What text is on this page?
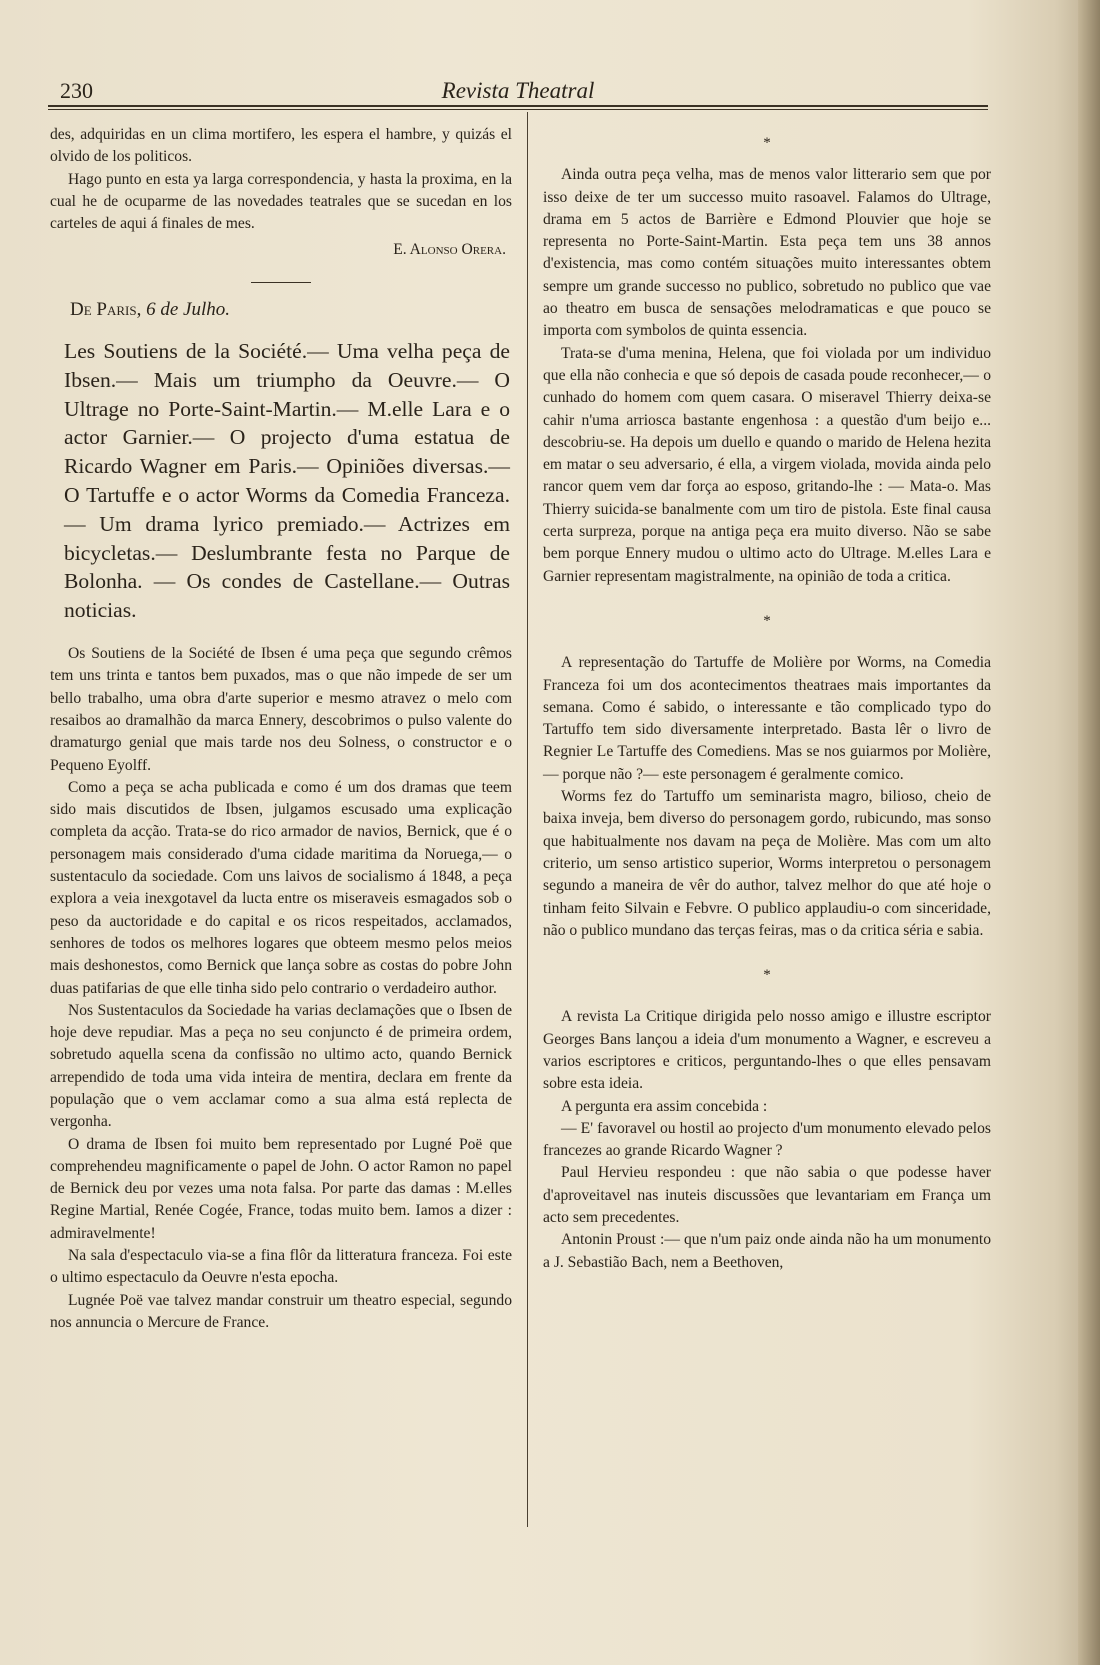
230	Revista Theatral

des, adquiridas en un clima mortifero, les espera el hambre, y quizás el olvido de los politicos.

Hago punto en esta ya larga correspondencia, y hasta la proxima, en la cual he de ocuparme de las novedades teatrales que se sucedan en los carteles de aqui á finales de mes.

E. Alonso Orera.
De Paris, 6 de Julho.
Les Soutiens de la Société.— Uma velha peça de Ibsen.— Mais um triumpho da Oeuvre.— O Ultrage no Porte-Saint-Martin.— M.elle Lara e o actor Garnier.— O projecto d'uma estatua de Ricardo Wagner em Paris.— Opiniões diversas.— O Tartuffe e o actor Worms da Comedia Franceza.— Um drama lyrico premiado.— Actrizes em bicycletas.— Deslumbrante festa no Parque de Bolonha. — Os condes de Castellane.— Outras noticias.

Os Soutiens de la Société de Ibsen é uma peça que segundo crêmos tem uns trinta e tantos bem puxados, mas o que não impede de ser um bello trabalho, uma obra d'arte superior e mesmo atravez o melo com resaibos ao dramalhão da marca Ennery, descobrimos o pulso valente do dramaturgo genial que mais tarde nos deu Solness, o constructor e o Pequeno Eyolff.

Como a peça se acha publicada e como é um dos dramas que teem sido mais discutidos de Ibsen, julgamos escusado uma explicação completa da acção. Trata-se do rico armador de navios, Bernick, que é o personagem mais considerado d'uma cidade maritima da Noruega,— o sustentaculo da sociedade. Com uns laivos de socialismo á 1848, a peça explora a veia inexgotavel da lucta entre os miseraveis esmagados sob o peso da auctoridade e do capital e os ricos respeitados, acclamados, senhores de todos os melhores logares que obteem mesmo pelos meios mais deshonestos, como Bernick que lança sobre as costas do pobre John duas patifarias de que elle tinha sido pelo contrario o verdadeiro author.

Nos Sustentaculos da Sociedade ha varias declamações que o Ibsen de hoje deve repudiar. Mas a peça no seu conjuncto é de primeira ordem, sobretudo aquella scena da confissão no ultimo acto, quando Bernick arrependido de toda uma vida inteira de mentira, declara em frente da população que o vem acclamar como a sua alma está replecta de vergonha.

O drama de Ibsen foi muito bem representado por Lugné Poë que comprehendeu magnificamente o papel de John. O actor Ramon no papel de Bernick deu por vezes uma nota falsa. Por parte das damas : M.elles Regine Martial, Renée Cogée, France, todas muito bem. Iamos a dizer : admiravelmente!

Na sala d'espectaculo via-se a fina flôr da litteratura franceza. Foi este o ultimo espectaculo da Oeuvre n'esta epocha.

Lugnée Poë vae talvez mandar construir um theatro especial, segundo nos annuncia o Mercure de France.

*

Ainda outra peça velha, mas de menos valor litterario sem que por isso deixe de ter um successo muito rasoavel. Falamos do Ultrage, drama em 5 actos de Barrière e Edmond Plouvier que hoje se representa no Porte-Saint-Martin. Esta peça tem uns 38 annos d'existencia, mas como contém situações muito interessantes obtem sempre um grande successo no publico, sobretudo no publico que vae ao theatro em busca de sensações melodramaticas e que pouco se importa com symbolos de quinta essencia.

Trata-se d'uma menina, Helena, que foi violada por um individuo que ella não conhecia e que só depois de casada poude reconhecer,— o cunhado do homem com quem casara. O miseravel Thierry deixa-se cahir n'uma arriosca bastante engenhosa : a questão d'um beijo e... descobriu-se. Ha depois um duello e quando o marido de Helena hezita em matar o seu adversario, é ella, a virgem violada, movida ainda pelo rancor quem vem dar força ao esposo, gritando-lhe : — Mata-o. Mas Thierry suicida-se banalmente com um tiro de pistola. Este final causa certa surpreza, porque na antiga peça era muito diverso. Não se sabe bem porque Ennery mudou o ultimo acto do Ultrage. M.elles Lara e Garnier representam magistralmente, na opinião de toda a critica.

*

A representação do Tartuffe de Molière por Worms, na Comedia Franceza foi um dos acontecimentos theatraes mais importantes da semana. Como é sabido, o interessante e tão complicado typo do Tartuffo tem sido diversamente interpretado. Basta lêr o livro de Regnier Le Tartuffe des Comediens. Mas se nos guiarmos por Molière,— porque não ?— este personagem é geralmente comico.

Worms fez do Tartuffo um seminarista magro, bilioso, cheio de baixa inveja, bem diverso do personagem gordo, rubicundo, mas sonso que habitualmente nos davam na peça de Molière. Mas com um alto criterio, um senso artistico superior, Worms interpretou o personagem segundo a maneira de vêr do author, talvez melhor do que até hoje o tinham feito Silvain e Febvre. O publico applaudiu-o com sinceridade, não o publico mundano das terças feiras, mas o da critica séria e sabia.

*

A revista La Critique dirigida pelo nosso amigo e illustre escriptor Georges Bans lançou a ideia d'um monumento a Wagner, e escreveu a varios escriptores e criticos, perguntando-lhes o que elles pensavam sobre esta ideia.

A pergunta era assim concebida :

— E' favoravel ou hostil ao projecto d'um monumento elevado pelos francezes ao grande Ricardo Wagner ?

Paul Hervieu respondeu : que não sabia o que podesse haver d'aproveitavel nas inuteis discussões que levantariam em França um acto sem precedentes.

Antonin Proust :— que n'um paiz onde ainda não ha um monumento a J. Sebastião Bach, nem a Beethoven,
